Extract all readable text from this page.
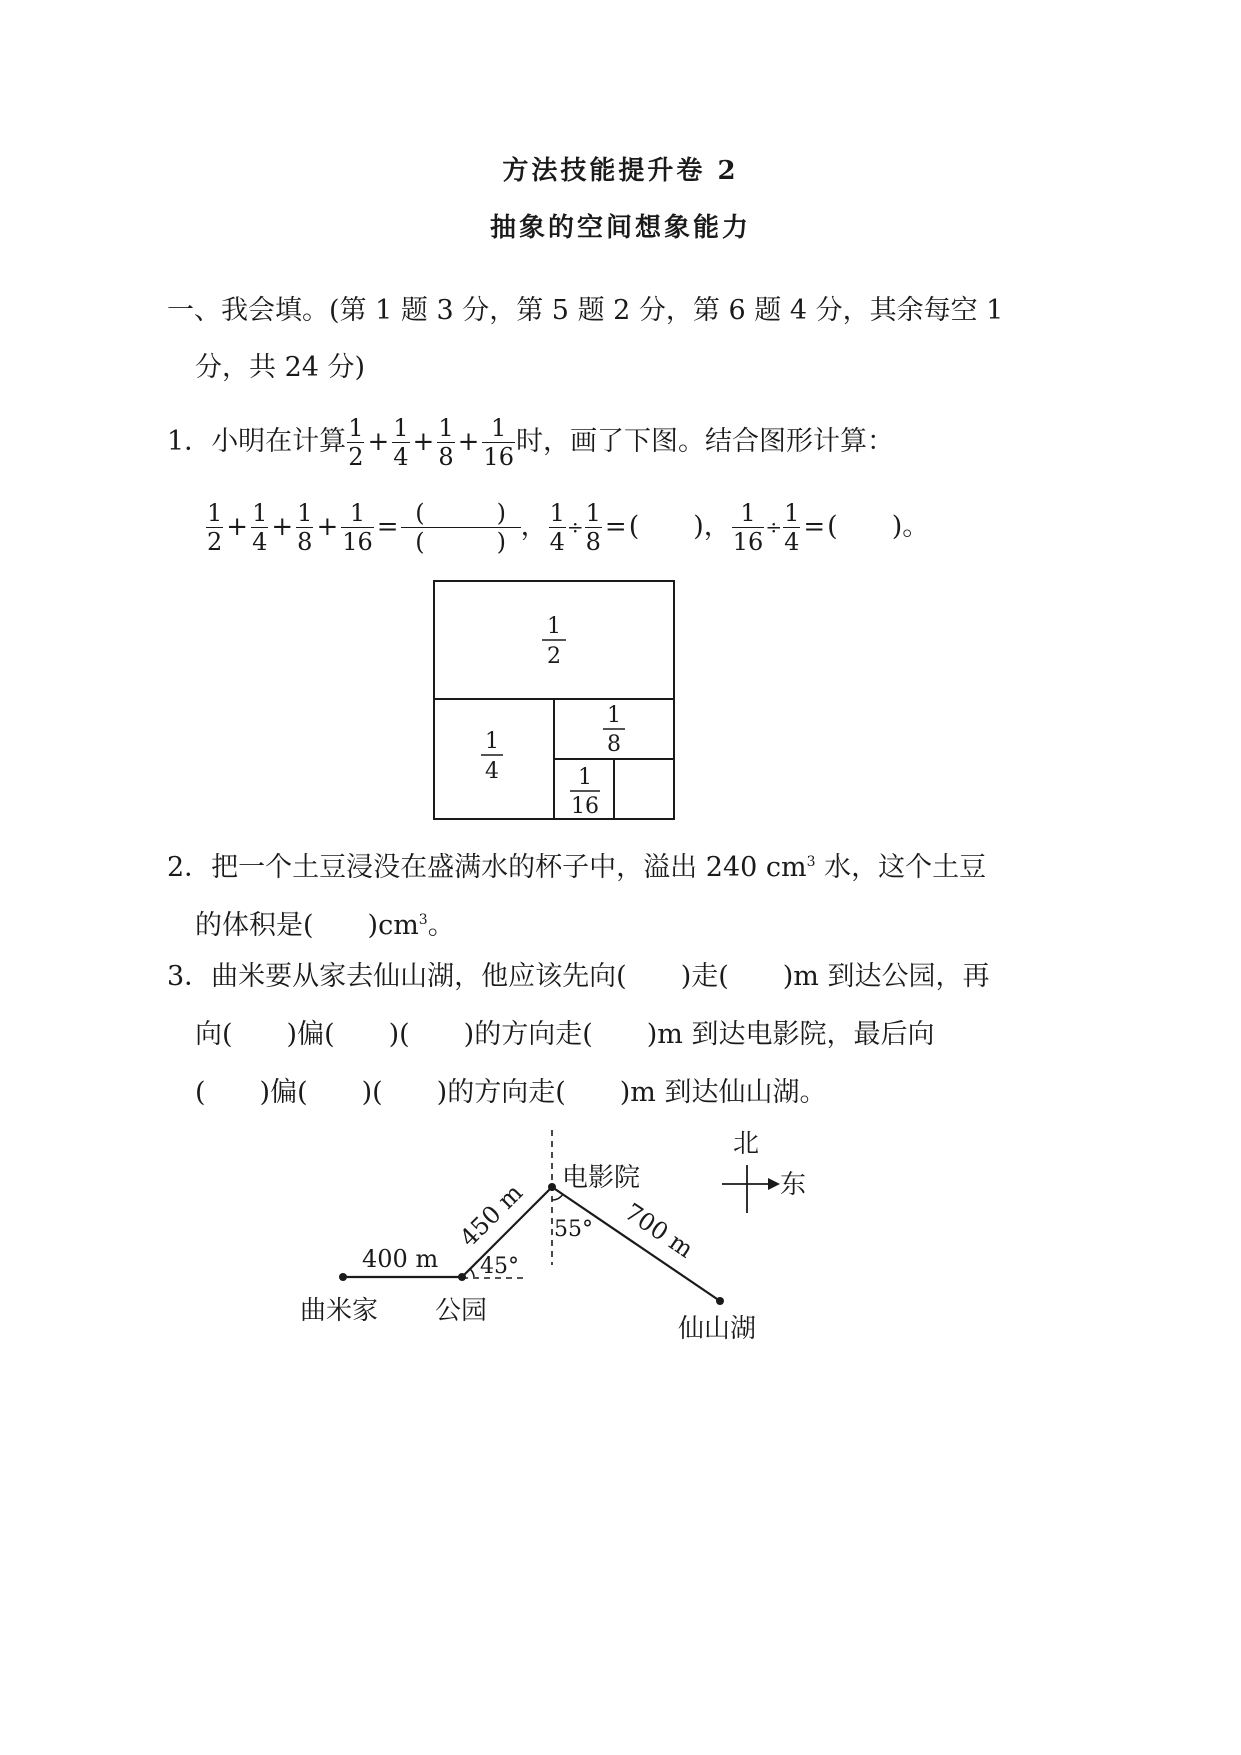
方法技能提升卷 2
抽象的空间想象能力
一、我会填。(第 1 题 3 分，第 5 题 2 分，第 6 题 4 分，其余每空 1
分，共 24 分)
1． 小明在计算 $\frac{1}{2} + \frac{1}{4} + \frac{1}{8} + \frac{1}{16}$ 时，画了下图。结合图形计算：
$\frac{1}{2} + \frac{1}{4} + \frac{1}{8} + \frac{1}{16}$ = (　　　)
(　　　) ， $\frac{1}{4} \div \frac{1}{8}$ = (　　) ， $\frac{1}{16} \div \frac{1}{4}$ = (　　) 。
1
2
1
4
1
8
1
16
2．把一个土豆浸没在盛满水的杯子中，溢出 240 $cm^3$ 水，这个土豆
的体积是(　　)$cm^3$。
3．曲米要从家去仙山湖，他应该先向(　　)走(　　)m 到达公园，再
向(　　)偏(　　)(　　)的方向走(　　)m 到达电影院，最后向
(　　)偏(　　)(　　)的方向走(　　)m 到达仙山湖。
曲米家 公园
电影院
仙山湖
400 m
450 m	700 m
45°
55°
北
东
